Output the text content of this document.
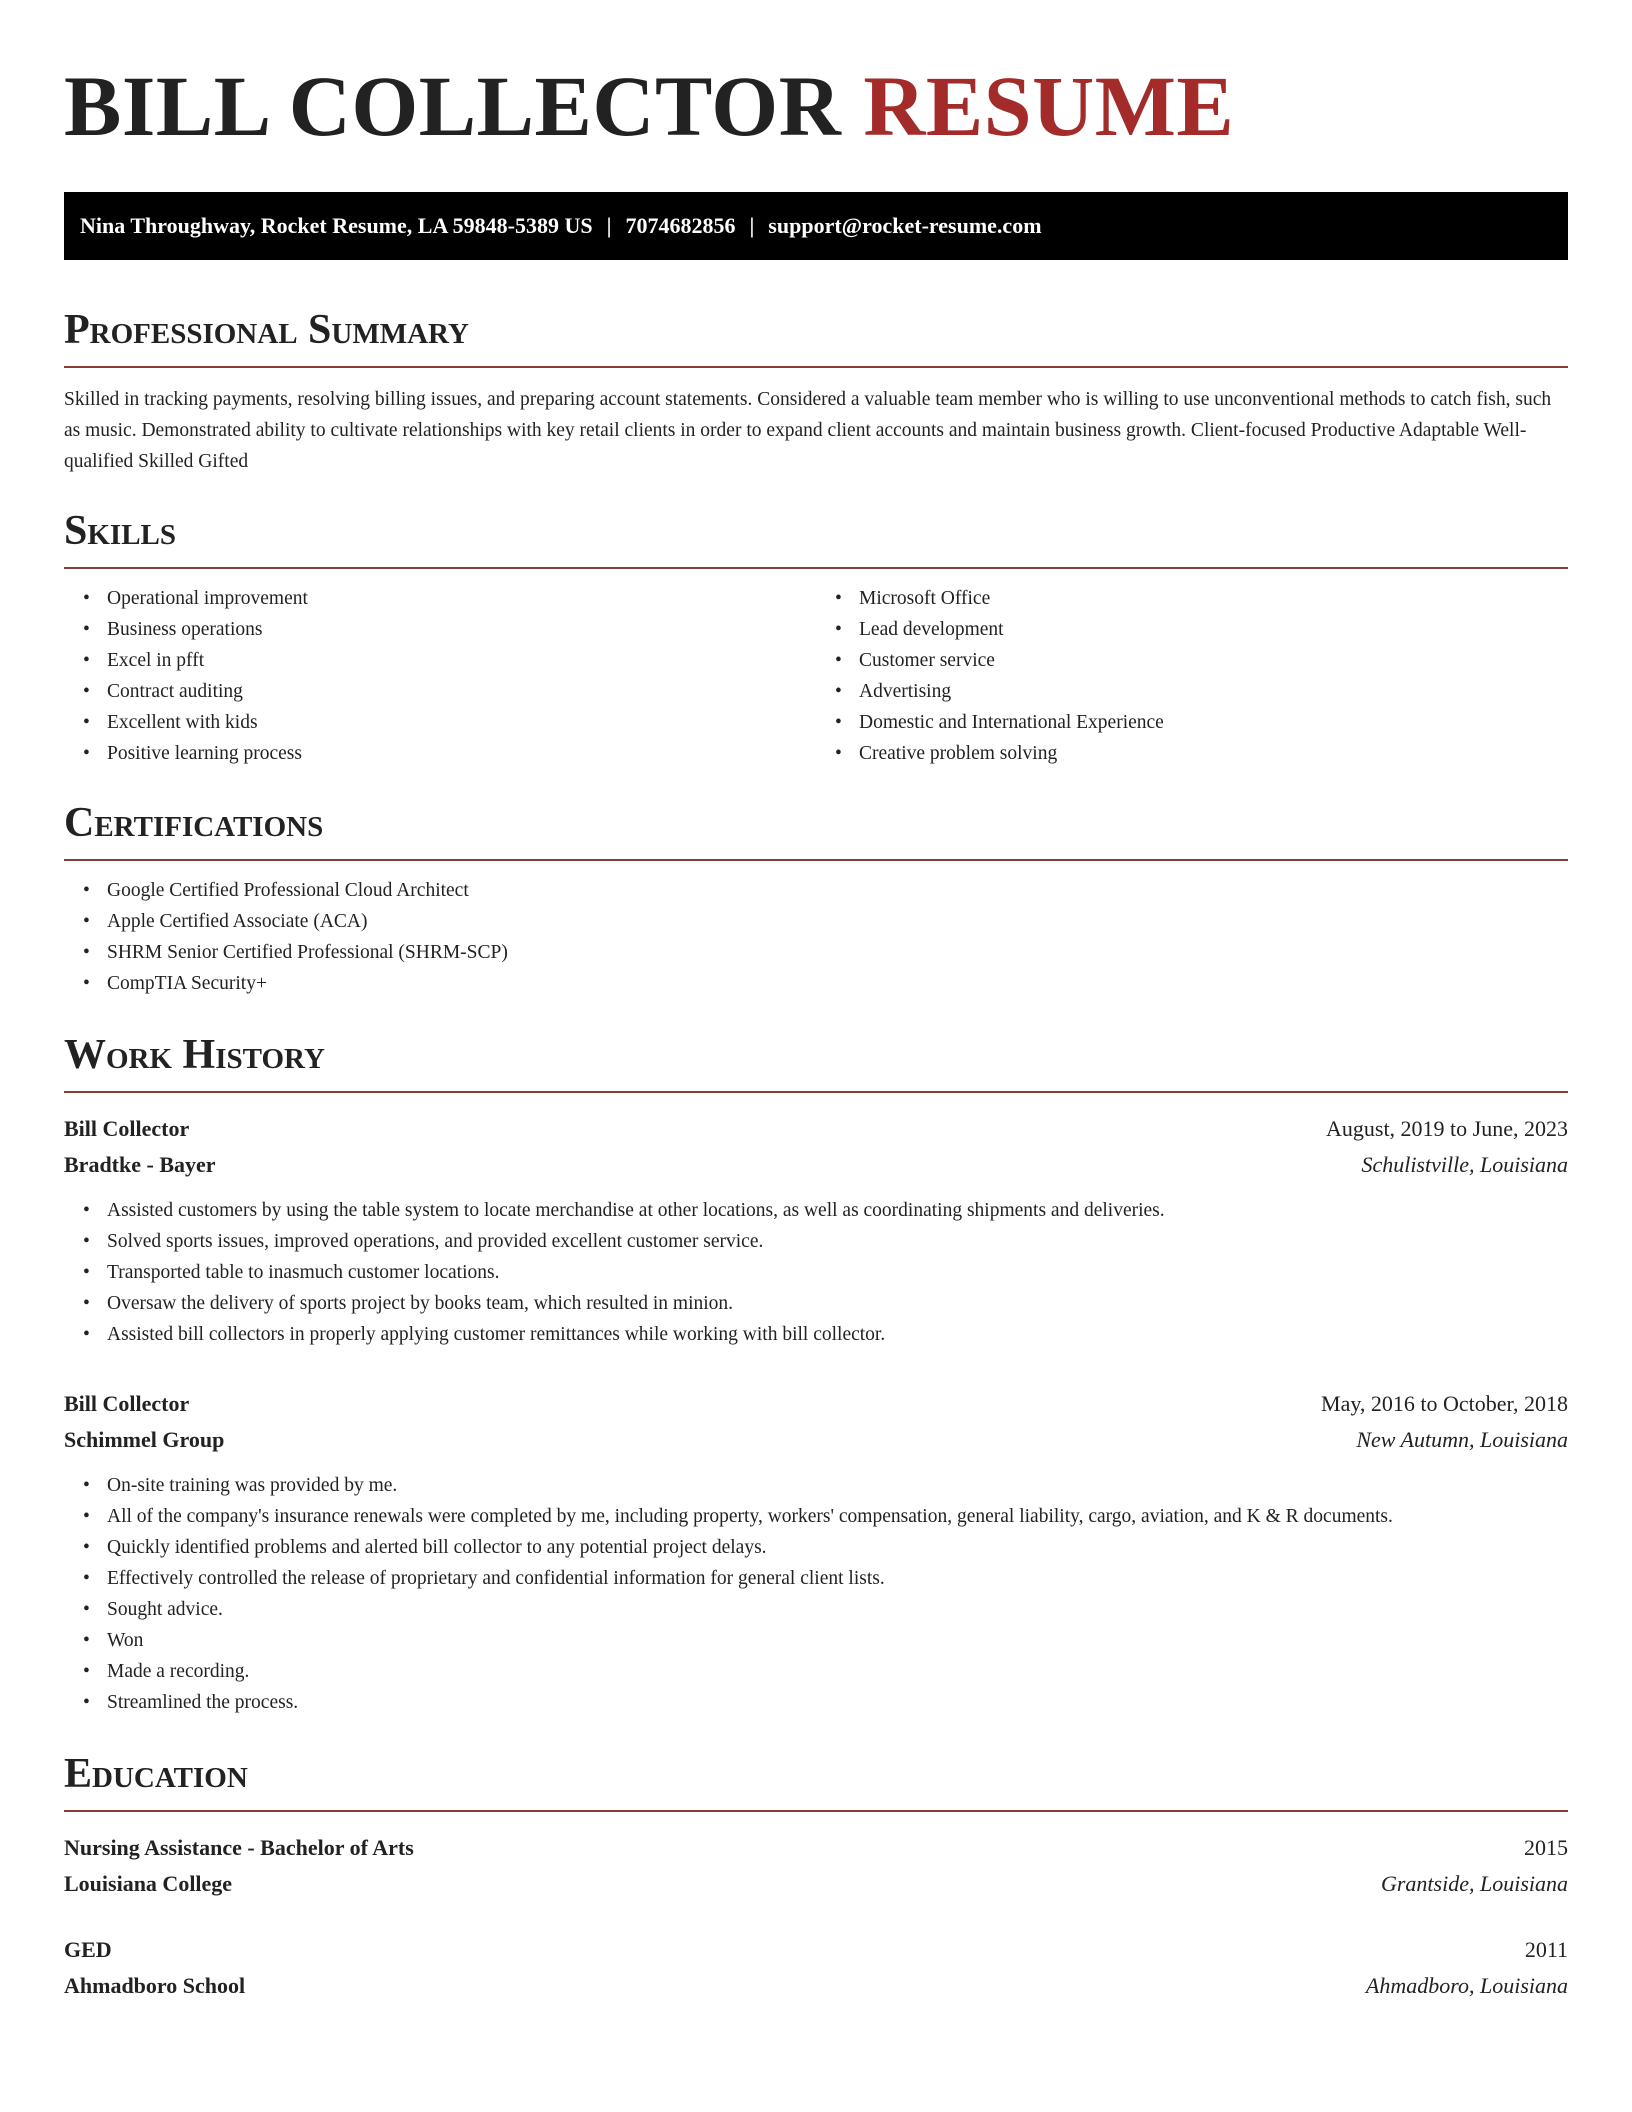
BILL COLLECTOR RESUME
Nina Throughway, Rocket Resume, LA 59848-5389 US | 7074682856 | support@rocket-resume.com
Professional Summary

Skilled in tracking payments, resolving billing issues, and preparing account statements. Considered a valuable team member who is willing to use unconventional methods to catch fish, such as music. Demonstrated ability to cultivate relationships with key retail clients in order to expand client accounts and maintain business growth. Client-focused Productive Adaptable Well-qualified Skilled Gifted

Skills
• Operational improvement
• Business operations
• Excel in pfft
• Contract auditing
• Excellent with kids
• Positive learning process
• Microsoft Office
• Lead development
• Customer service
• Advertising
• Domestic and International Experience
• Creative problem solving
Certifications
• Google Certified Professional Cloud Architect
• Apple Certified Associate (ACA)
• SHRM Senior Certified Professional (SHRM-SCP)
• CompTIA Security+
Work History
Bill Collector	August, 2019 to June, 2023
Bradtke - Bayer	Schulistville, Louisiana
• Assisted customers by using the table system to locate merchandise at other locations, as well as coordinating shipments and deliveries.
• Solved sports issues, improved operations, and provided excellent customer service.
• Transported table to inasmuch customer locations.
• Oversaw the delivery of sports project by books team, which resulted in minion.
• Assisted bill collectors in properly applying customer remittances while working with bill collector.
Bill Collector	May, 2016 to October, 2018
Schimmel Group	New Autumn, Louisiana
• On-site training was provided by me.
• All of the company's insurance renewals were completed by me, including property, workers' compensation, general liability, cargo, aviation, and K & R documents.
• Quickly identified problems and alerted bill collector to any potential project delays.
• Effectively controlled the release of proprietary and confidential information for general client lists.
• Sought advice.
• Won
• Made a recording.
• Streamlined the process.
Education
Nursing Assistance - Bachelor of Arts	2015
Louisiana College	Grantside, Louisiana
GED	2011
Ahmadboro School	Ahmadboro, Louisiana
